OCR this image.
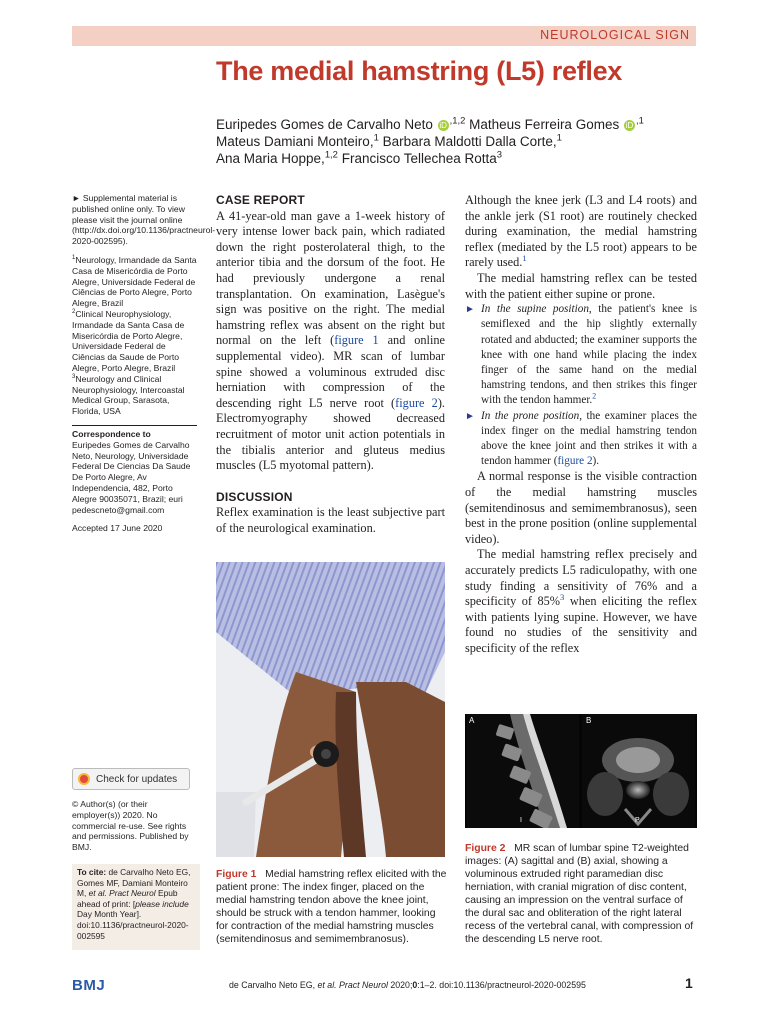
NEUROLOGICAL SIGN
The medial hamstring (L5) reflex
Euripedes Gomes de Carvalho Neto iD $^{,1,2}$ Matheus Ferreira Gomes iD $^{,1}$
Mateus Damiani Monteiro,$^1$ Barbara Maldotti Dalla Corte,$^1$
Ana Maria Hoppe,$^{1,2}$ Francisco Tellechea Rotta$^3$

► Supplemental material is published online only. To view please visit the journal online (http://dx.doi.org/10.1136/practneurol-2020-002595).

$^1$Neurology, Irmandade da Santa Casa de Misericórdia de Porto Alegre, Universidade Federal de Ciências de Porto Alegre, Porto Alegre, Brazil
$^2$Clinical Neurophysiology, Irmandade da Santa Casa de Misericórdia de Porto Alegre, Universidade Federal de Ciências da Saude de Porto Alegre, Porto Alegre, Brazil
$^3$Neurology and Clinical Neurophysiology, Intercoastal Medical Group, Sarasota, Florida, USA

Correspondence to

Euripedes Gomes de Carvalho Neto, Neurology, Universidade Federal De Ciencias Da Saude De Porto Alegre, Av Independencia, 482, Porto Alegre 90035071, Brazil; euri pedescneto@gmail.com

Accepted 17 June 2020

Check for updates
© Author(s) (or their employer(s)) 2020. No commercial re-use. See rights and permissions. Published by BMJ.
To cite: de Carvalho Neto EG, Gomes MF, Damiani Monteiro M, et al. Pract Neurol Epub ahead of print: [please include Day Month Year]. doi:10.1136/practneurol-2020-002595
CASE REPORT

A 41-year-old man gave a 1-week history of very intense lower back pain, which radiated down the right posterolateral thigh, to the anterior tibia and the dorsum of the foot. He had previously undergone a renal transplantation. On examination, Lasègue's sign was positive on the right. The medial hamstring reflex was absent on the right but normal on the left (figure 1 and online supplemental video). MR scan of lumbar spine showed a voluminous extruded disc herniation with compression of the descending right L5 nerve root (figure 2). Electromyography showed decreased recruitment of motor unit action potentials in the tibialis anterior and gluteus medius muscles (L5 myotomal pattern).

DISCUSSION

Reflex examination is the least subjective part of the neurological examination.

Figure 1 Medial hamstring reflex elicited with the patient prone: The index finger, placed on the medial hamstring tendon above the knee joint, should be struck with a tendon hammer, looking for contraction of the medial hamstring muscles (semitendinosus and semimembranosus).

Although the knee jerk (L3 and L4 roots) and the ankle jerk (S1 root) are routinely checked during examination, the medial hamstring reflex (mediated by the L5 root) appears to be rarely used.$^1$

The medial hamstring reflex can be tested with the patient either supine or prone.

► In the supine position, the patient's knee is semiflexed and the hip slightly externally rotated and abducted; the examiner supports the knee with one hand while placing the index finger of the same hand on the medial hamstring tendons, and then strikes this finger with the tendon hammer.$^2$
► In the prone position, the examiner places the index finger on the medial hamstring tendon above the knee joint and then strikes it with a tendon hammer (figure 2).

A normal response is the visible contraction of the medial hamstring muscles (semitendinosus and semimembranosus), seen best in the prone position (online supplemental video).

The medial hamstring reflex precisely and accurately predicts L5 radiculopathy, with one study finding a sensitivity of 76% and a specificity of 85%$^3$ when eliciting the reflex with patients lying supine. However, we have found no studies of the sensitivity and specificity of the reflex

A	B
I	P
Figure 2 MR scan of lumbar spine T2-weighted images: (A) sagittal and (B) axial, showing a voluminous extruded right paramedian disc herniation, with cranial migration of disc content, causing an impression on the ventral surface of the dural sac and obliteration of the right lateral recess of the vertebral canal, with compression of the descending L5 nerve root.
BMJ	de Carvalho Neto EG, et al. Pract Neurol 2020;0:1–2. doi:10.1136/practneurol-2020-002595	1
